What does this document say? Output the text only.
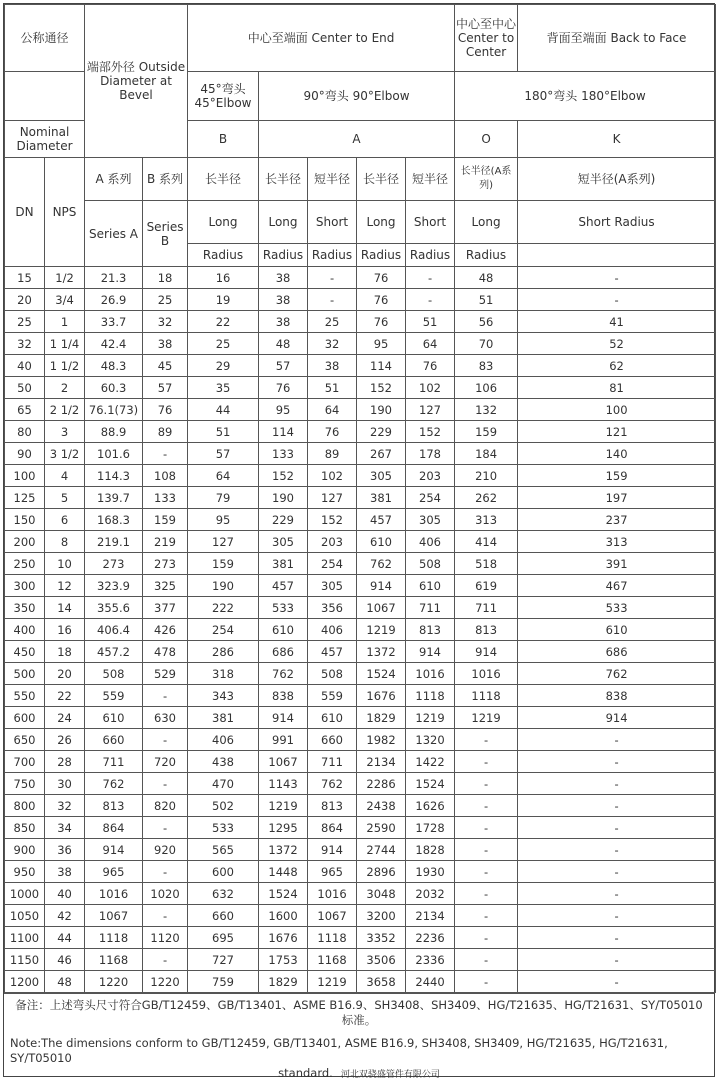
公称通径		端部外径 Outside Diameter at Bevel		中心至端面 Center to End					中心至中心 Center to Center	背面至端面 Back to Face
				45°弯头 45°Elbow	90°弯头 90°Elbow				180°弯头 180°Elbow	
Nominal Diameter				B	A				O	K
DN	NPS	A 系列	B 系列	长半径	长半径	短半径	长半径	短半径	长半径(A系列)	短半径(A系列)
		Series A	Series B	Long	Long	Short	Long	Short	Long	Short Radius
				Radius	Radius	Radius	Radius	Radius	Radius	
15	1/2	21.3	18	16	38	-	76	-	48	-
20	3/4	26.9	25	19	38	-	76	-	51	-
25	1	33.7	32	22	38	25	76	51	56	41
32	1 1/4	42.4	38	25	48	32	95	64	70	52
40	1 1/2	48.3	45	29	57	38	114	76	83	62
50	2	60.3	57	35	76	51	152	102	106	81
65	2 1/2	76.1(73)	76	44	95	64	190	127	132	100
80	3	88.9	89	51	114	76	229	152	159	121
90	3 1/2	101.6	-	57	133	89	267	178	184	140
100	4	114.3	108	64	152	102	305	203	210	159
125	5	139.7	133	79	190	127	381	254	262	197
150	6	168.3	159	95	229	152	457	305	313	237
200	8	219.1	219	127	305	203	610	406	414	313
250	10	273	273	159	381	254	762	508	518	391
300	12	323.9	325	190	457	305	914	610	619	467
350	14	355.6	377	222	533	356	1067	711	711	533
400	16	406.4	426	254	610	406	1219	813	813	610
450	18	457.2	478	286	686	457	1372	914	914	686
500	20	508	529	318	762	508	1524	1016	1016	762
550	22	559	-	343	838	559	1676	1118	1118	838
600	24	610	630	381	914	610	1829	1219	1219	914
650	26	660	-	406	991	660	1982	1320	-	-
700	28	711	720	438	1067	711	2134	1422	-	-
750	30	762	-	470	1143	762	2286	1524	-	-
800	32	813	820	502	1219	813	2438	1626	-	-
850	34	864	-	533	1295	864	2590	1728	-	-
900	36	914	920	565	1372	914	2744	1828	-	-
950	38	965	-	600	1448	965	2896	1930	-	-
1000	40	1016	1020	632	1524	1016	3048	2032	-	-
1050	42	1067	-	660	1600	1067	3200	2134	-	-
1100	44	1118	1120	695	1676	1118	3352	2236	-	-
1150	46	1168	-	727	1753	1168	3506	2336	-	-
1200	48	1220	1220	759	1829	1219	3658	2440	-	-
备注：上述弯头尺寸符合GB/T12459、GB/T13401、ASME B16.9、SH3408、SH3409、HG/T21635、HG/T21631、SY/T05010标准。
Note:The dimensions conform to GB/T12459, GB/T13401, ASME B16.9, SH3408, SH3409, HG/T21635, HG/T21631, SY/T05010
standard. 河北双骁盛管件有限公司
